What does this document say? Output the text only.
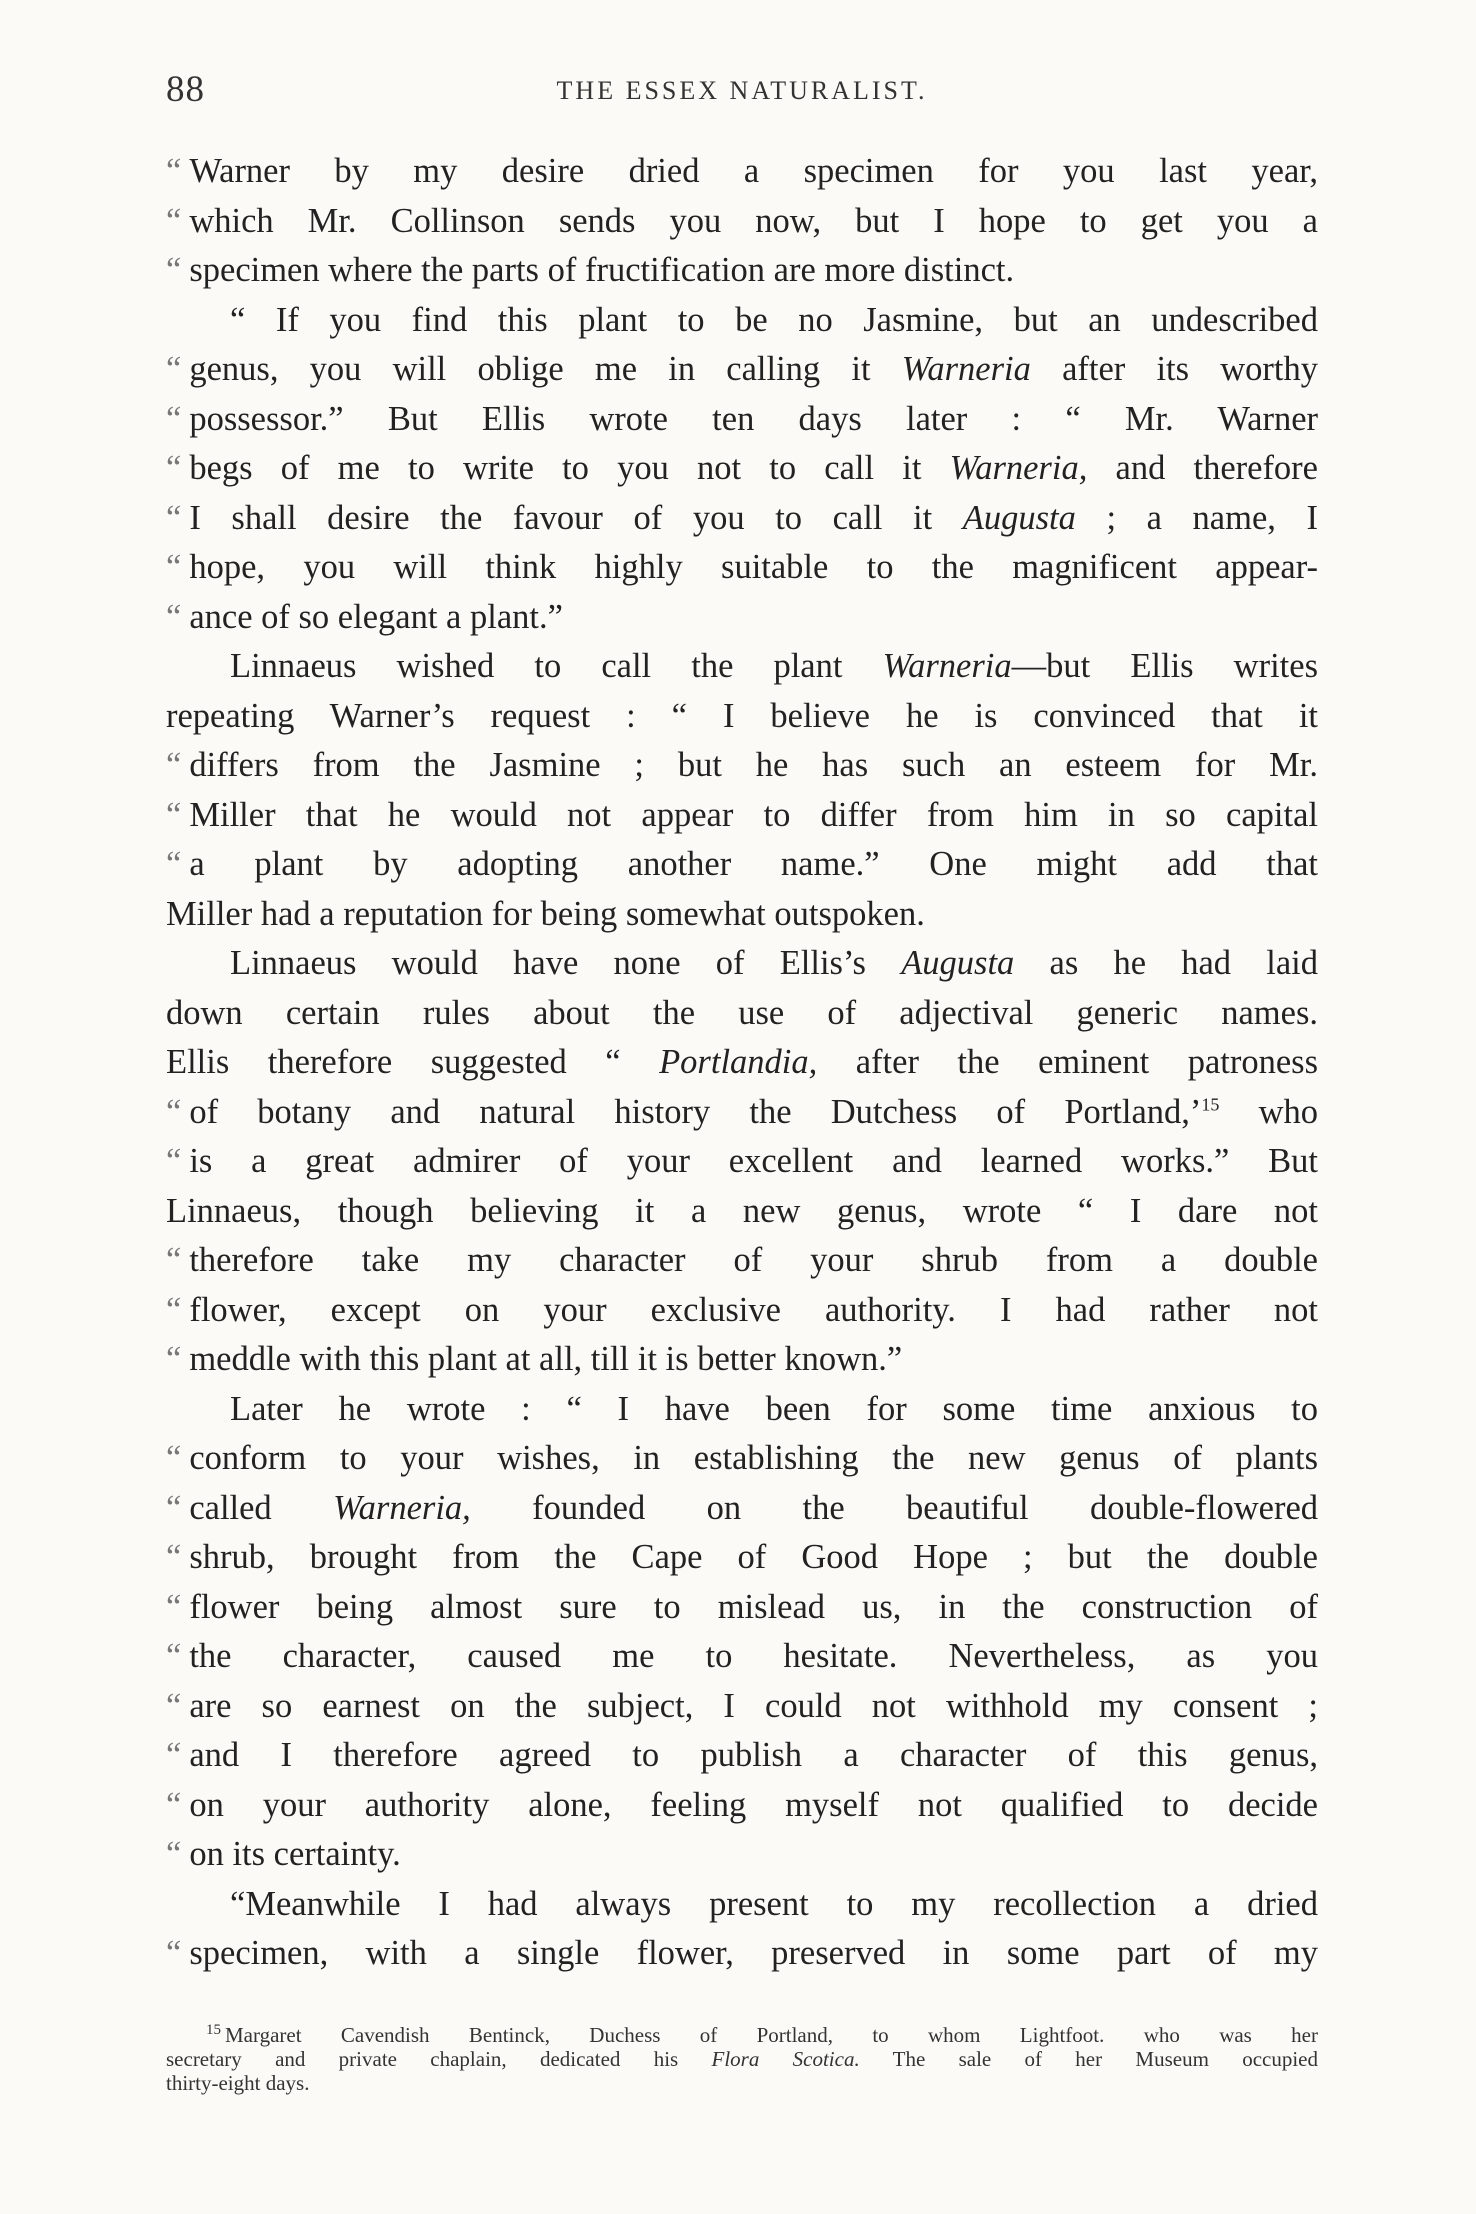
88	THE ESSEX NATURALIST.
“ Warner by my desire dried a specimen for you last year,
“ which Mr. Collinson sends you now, but I hope to get you a
“ specimen where the parts of fructification are more distinct.
“ If you find this plant to be no Jasmine, but an undescribed
“ genus, you will oblige me in calling it Warneria after its worthy
“ possessor.” But Ellis wrote ten days later : “ Mr. Warner
“ begs of me to write to you not to call it Warneria, and therefore
“ I shall desire the favour of you to call it Augusta ; a name, I
“ hope, you will think highly suitable to the magnificent appear-
“ ance of so elegant a plant.”
Linnaeus wished to call the plant Warneria—but Ellis writes
repeating Warner’s request : “ I believe he is convinced that it
“ differs from the Jasmine ; but he has such an esteem for Mr.
“ Miller that he would not appear to differ from him in so capital
“ a plant by adopting another name.” One might add that
Miller had a reputation for being somewhat outspoken.
Linnaeus would have none of Ellis’s Augusta as he had laid
down certain rules about the use of adjectival generic names.
Ellis therefore suggested “ Portlandia, after the eminent patroness
“ of botany and natural history the Dutchess of Portland,’$^{15}$ who
“ is a great admirer of your excellent and learned works.” But
Linnaeus, though believing it a new genus, wrote “ I dare not
“ therefore take my character of your shrub from a double
“ flower, except on your exclusive authority. I had rather not
“ meddle with this plant at all, till it is better known.”
Later he wrote : “ I have been for some time anxious to
“ conform to your wishes, in establishing the new genus of plants
“ called Warneria, founded on the beautiful double-flowered
“ shrub, brought from the Cape of Good Hope ; but the double
“ flower being almost sure to mislead us, in the construction of
“ the character, caused me to hesitate. Nevertheless, as you
“ are so earnest on the subject, I could not withhold my consent ;
“ and I therefore agreed to publish a character of this genus,
“ on your authority alone, feeling myself not qualified to decide
“ on its certainty.
“Meanwhile I had always present to my recollection a dried
“ specimen, with a single flower, preserved in some part of my
$^{15}$ Margaret Cavendish Bentinck, Duchess of Portland, to whom Lightfoot. who was her
secretary and private chaplain, dedicated his Flora Scotica. The sale of her Museum occupied
thirty-eight days.
